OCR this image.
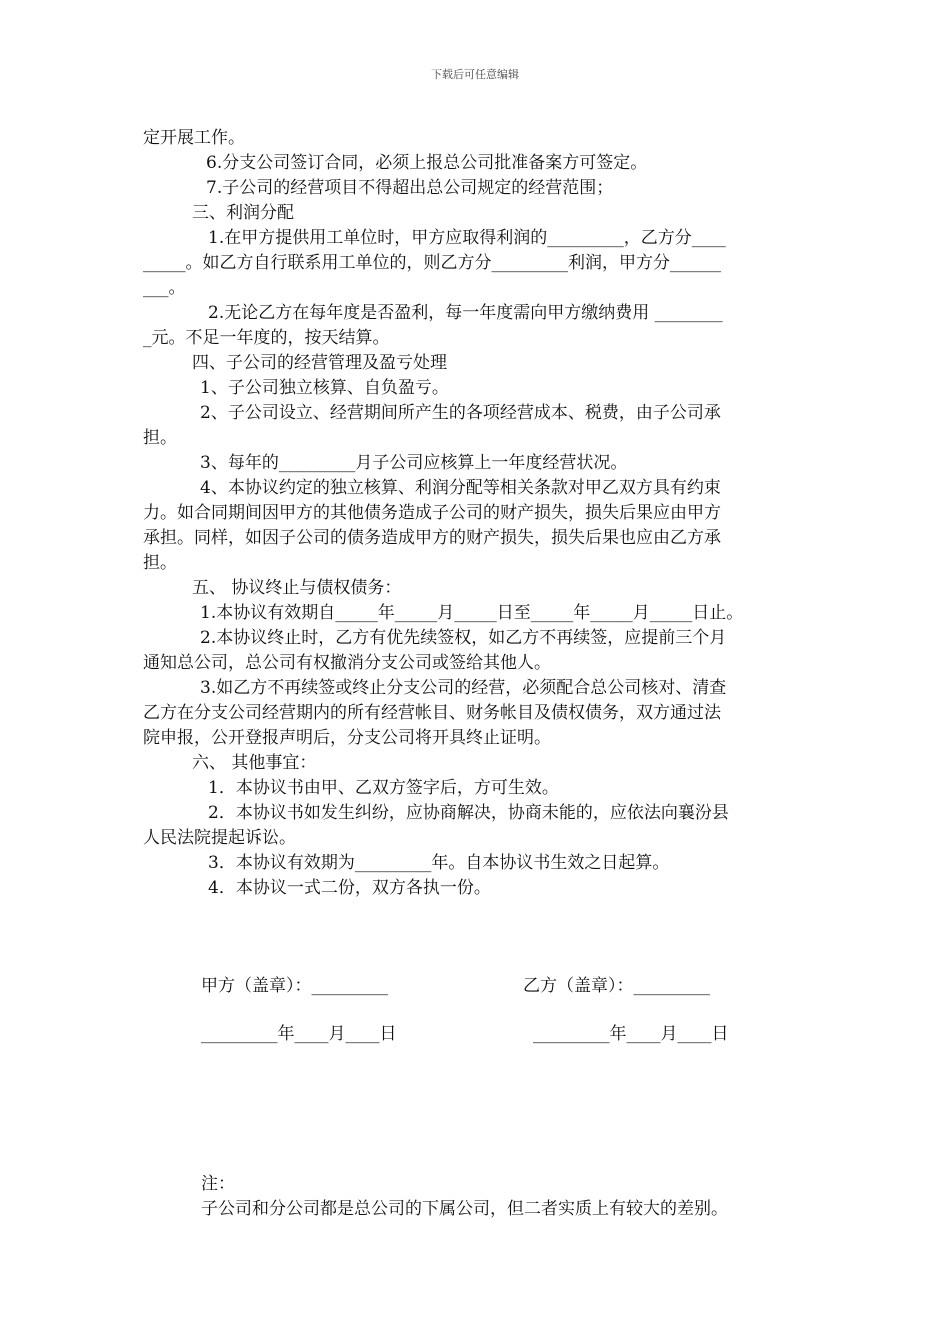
下载后可任意编辑
定开展工作。
6.分支公司签订合同，必须上报总公司批准备案方可签定。
7.子公司的经营项目不得超出总公司规定的经营范围；
三、利润分配
1.在甲方提供用工单位时，甲方应取得利润的_________，乙方分____
_____。如乙方自行联系用工单位的，则乙方分_________利润，甲方分______
___。
2.无论乙方在每年度是否盈利，每一年度需向甲方缴纳费用 ________
_元。不足一年度的，按天结算。
四、子公司的经营管理及盈亏处理
1、子公司独立核算、自负盈亏。
2、子公司设立、经营期间所产生的各项经营成本、税费，由子公司承
担。
3、每年的_________月子公司应核算上一年度经营状况。
4、本协议约定的独立核算、利润分配等相关条款对甲乙双方具有约束
力。如合同期间因甲方的其他债务造成子公司的财产损失，损失后果应由甲方
承担。同样，如因子公司的债务造成甲方的财产损失，损失后果也应由乙方承
担。
五、 协议终止与债权债务：
1.本协议有效期自_____年_____月_____日至_____年_____月_____日止。
2.本协议终止时，乙方有优先续签权，如乙方不再续签，应提前三个月
通知总公司，总公司有权撤消分支公司或签给其他人。
3.如乙方不再续签或终止分支公司的经营，必须配合总公司核对、清查
乙方在分支公司经营期内的所有经营帐目、财务帐目及债权债务，双方通过法
院申报，公开登报声明后，分支公司将开具终止证明。
六、 其他事宜：
1．本协议书由甲、乙双方签字后，方可生效。
2．本协议书如发生纠纷，应协商解决，协商未能的，应依法向襄汾县
人民法院提起诉讼。
3．本协议有效期为_________年。自本协议书生效之日起算。
4．本协议一式二份，双方各执一份。
甲方（盖章）：_________	乙方（盖章）：_________
_________年____月____日	_________年____月____日
注：
子公司和分公司都是总公司的下属公司，但二者实质上有较大的差别。
